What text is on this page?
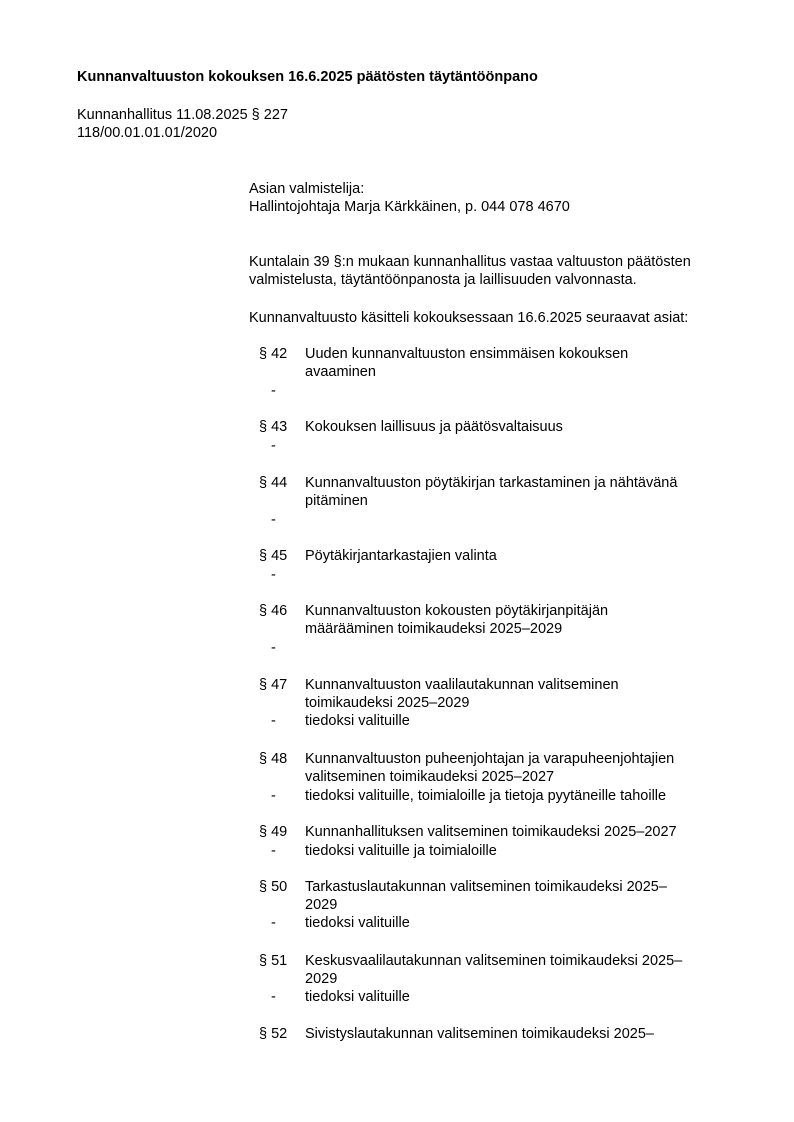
Kunnanvaltuuston kokouksen 16.6.2025 päätösten täytäntöönpano
Kunnanhallitus 11.08.2025 § 227
118/00.01.01.01/2020
Asian valmistelija:
Hallintojohtaja Marja Kärkkäinen, p. 044 078 4670
Kuntalain 39 §:n mukaan kunnanhallitus vastaa valtuuston päätösten
valmistelusta, täytäntöönpanosta ja laillisuuden valvonnasta.
Kunnanvaltuusto käsitteli kokouksessaan 16.6.2025 seuraavat asiat:
§ 42	Uuden kunnanvaltuuston ensimmäisen kokouksen
avaaminen
-
§ 43	Kokouksen laillisuus ja päätösvaltaisuus
-
§ 44	Kunnanvaltuuston pöytäkirjan tarkastaminen ja nähtävänä
pitäminen
-
§ 45	Pöytäkirjantarkastajien valinta
-
§ 46	Kunnanvaltuuston kokousten pöytäkirjanpitäjän
määrääminen toimikaudeksi 2025–2029
-
§ 47	Kunnanvaltuuston vaalilautakunnan valitseminen
toimikaudeksi 2025–2029
- tiedoksi valituille
§ 48	Kunnanvaltuuston puheenjohtajan ja varapuheenjohtajien
valitseminen toimikaudeksi 2025–2027
- tiedoksi valituille, toimialoille ja tietoja pyytäneille tahoille
§ 49	Kunnanhallituksen valitseminen toimikaudeksi 2025–2027
- tiedoksi valituille ja toimialoille
§ 50	Tarkastuslautakunnan valitseminen toimikaudeksi 2025–
2029
- tiedoksi valituille
§ 51	Keskusvaalilautakunnan valitseminen toimikaudeksi 2025–
2029
- tiedoksi valituille
§ 52	Sivistyslautakunnan valitseminen toimikaudeksi 2025–
